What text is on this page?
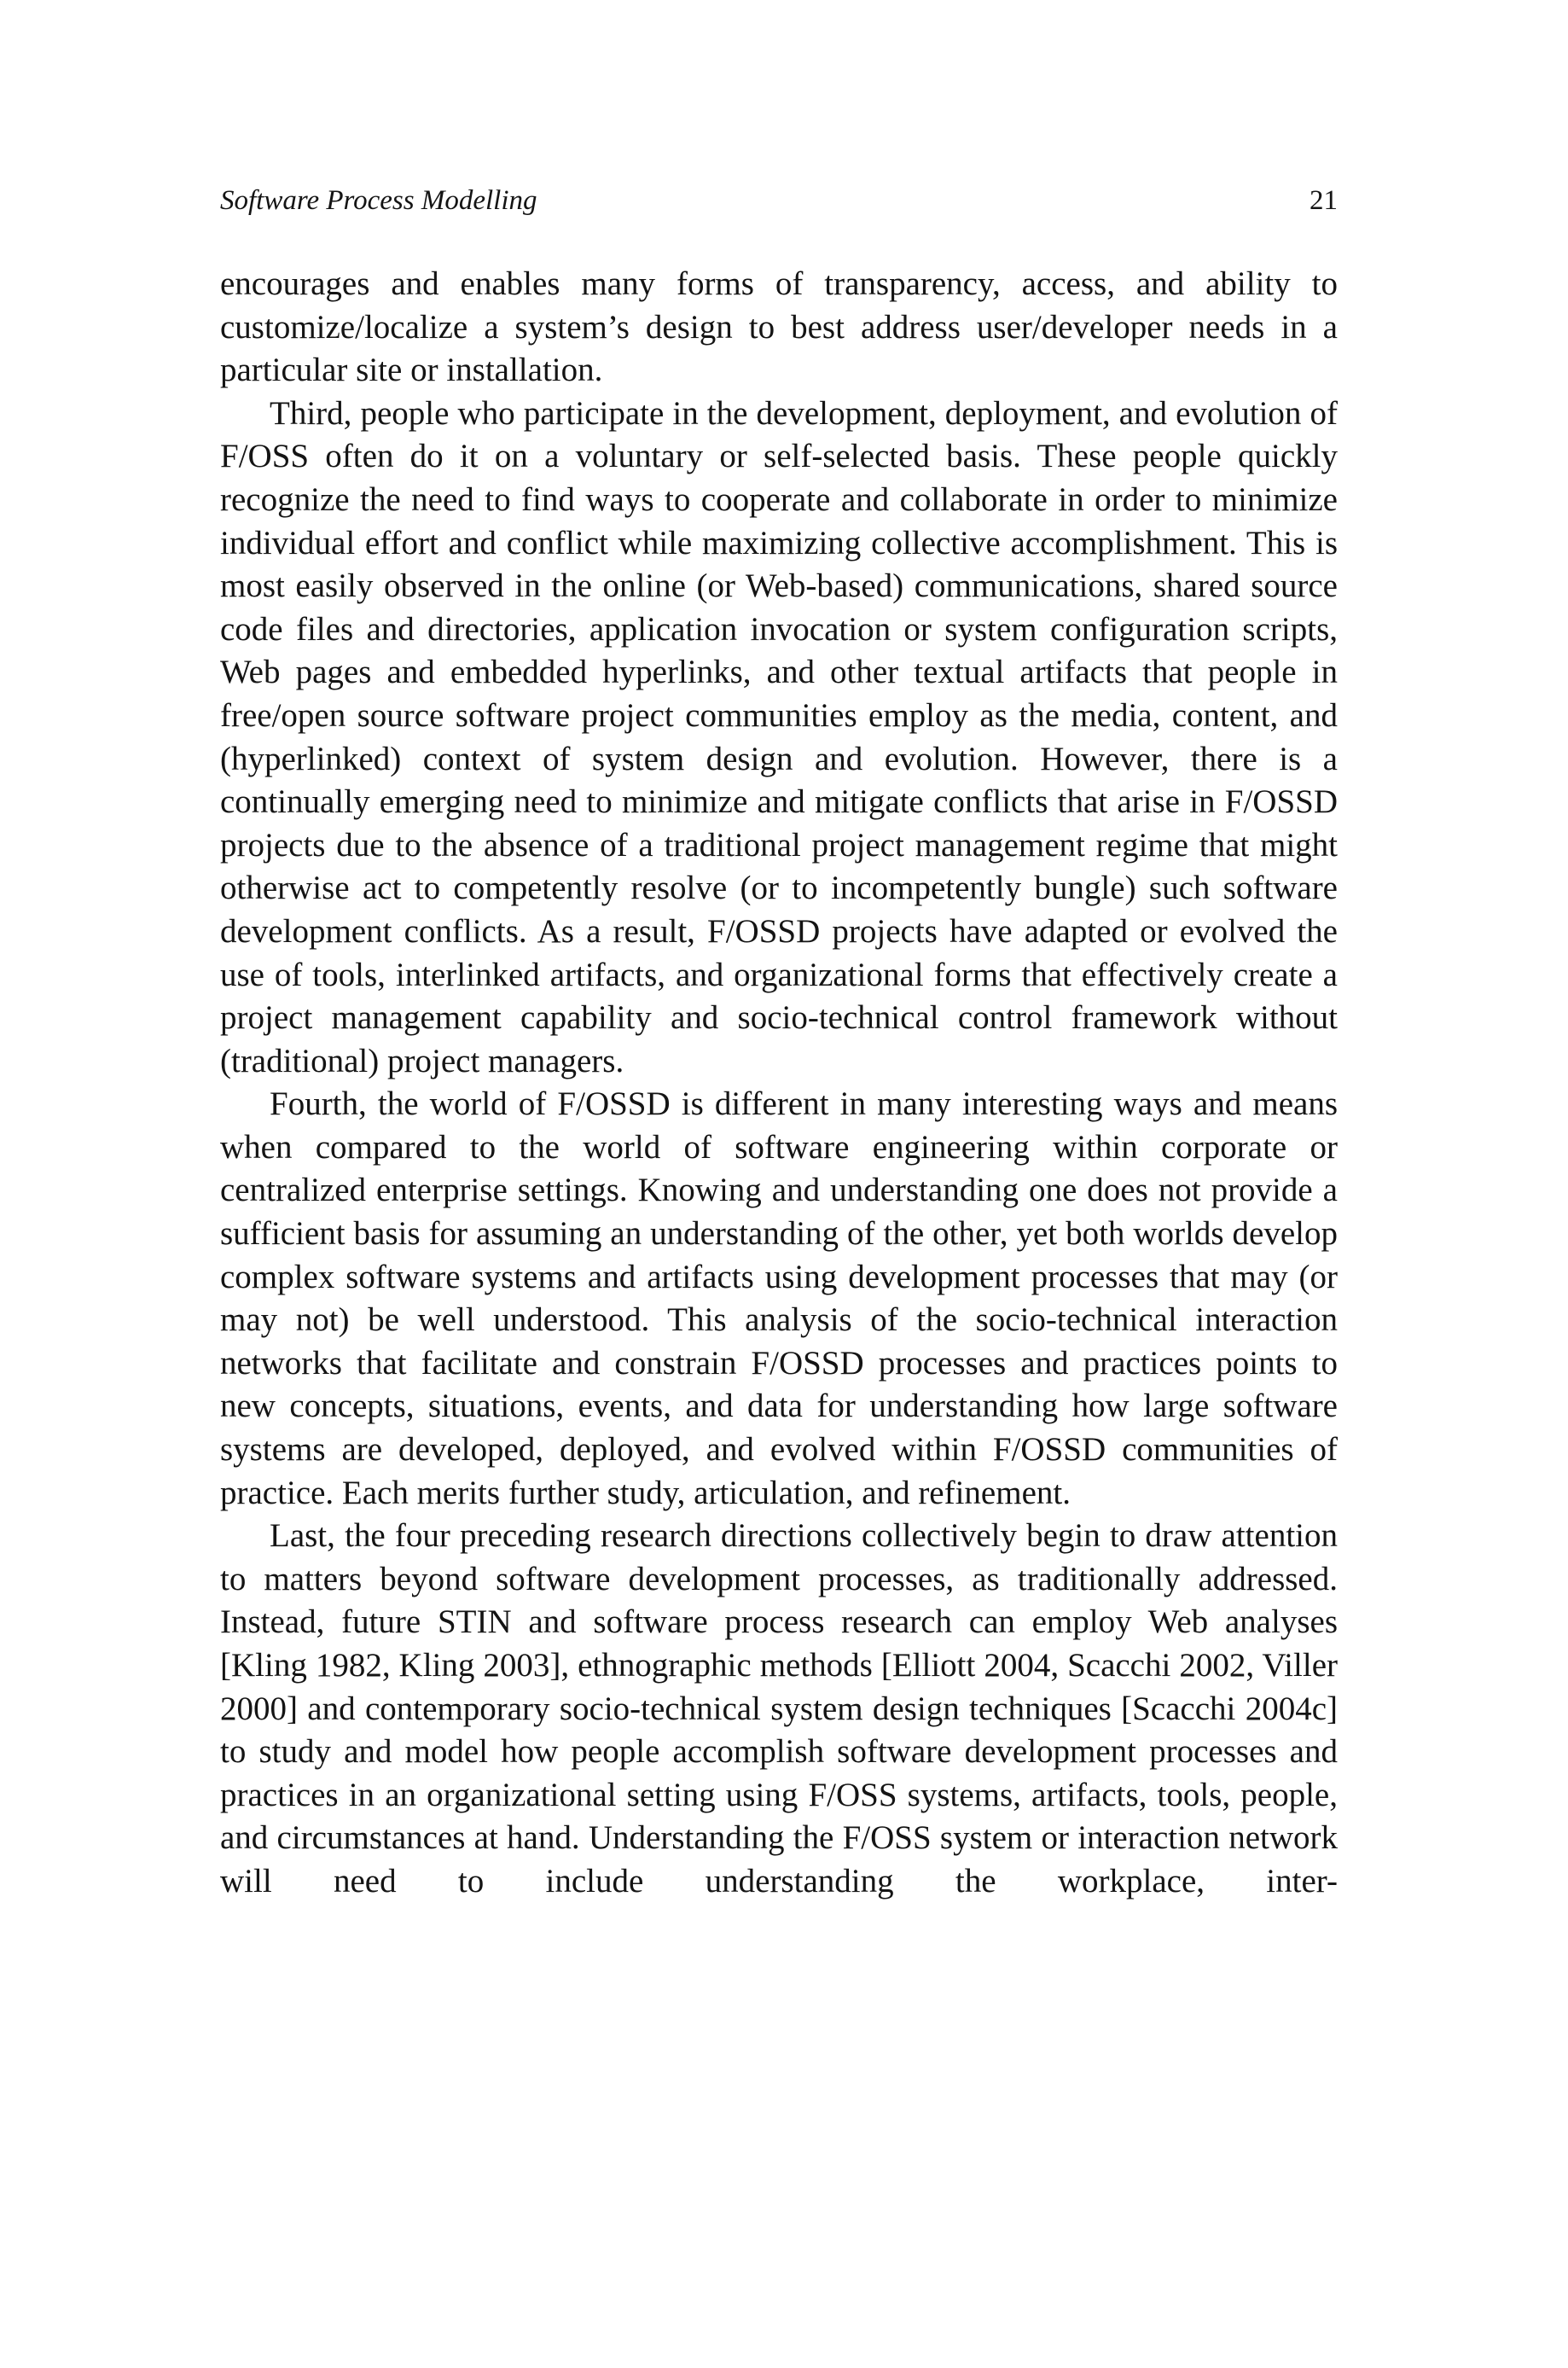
Software Process Modelling	21

encourages and enables many forms of transparency, access, and ability to customize/localize a system’s design to best address user/developer needs in a particular site or installation.

Third, people who participate in the development, deployment, and evolution of F/OSS often do it on a voluntary or self-selected basis. These people quickly recognize the need to find ways to cooperate and collaborate in order to minimize individual effort and conflict while maximizing collective accomplishment. This is most easily observed in the online (or Web-based) communications, shared source code files and directories, application invocation or system configuration scripts, Web pages and embedded hyperlinks, and other textual artifacts that people in free/open source software project communities employ as the media, content, and (hyperlinked) context of system design and evolution. However, there is a continually emerging need to minimize and mitigate conflicts that arise in F/OSSD projects due to the absence of a traditional project management regime that might otherwise act to competently resolve (or to incompetently bungle) such software development conflicts. As a result, F/OSSD projects have adapted or evolved the use of tools, interlinked artifacts, and organizational forms that effectively create a project management capability and socio-technical control framework without (traditional) project managers.

Fourth, the world of F/OSSD is different in many interesting ways and means when compared to the world of software engineering within corporate or centralized enterprise settings. Knowing and understanding one does not provide a sufficient basis for assuming an understanding of the other, yet both worlds develop complex software systems and artifacts using development processes that may (or may not) be well understood. This analysis of the socio-technical interaction networks that facilitate and constrain F/OSSD processes and practices points to new concepts, situations, events, and data for understanding how large software systems are developed, deployed, and evolved within F/OSSD communities of practice. Each merits further study, articulation, and refinement.

Last, the four preceding research directions collectively begin to draw attention to matters beyond software development processes, as traditionally addressed. Instead, future STIN and software process research can employ Web analyses [Kling 1982, Kling 2003], ethnographic methods [Elliott 2004, Scacchi 2002, Viller 2000] and contemporary socio-technical system design techniques [Scacchi 2004c] to study and model how people accomplish software development processes and practices in an organizational setting using F/OSS systems, artifacts, tools, people, and circumstances at hand. Understanding the F/OSS system or interaction network will need to include understanding the workplace, inter-
